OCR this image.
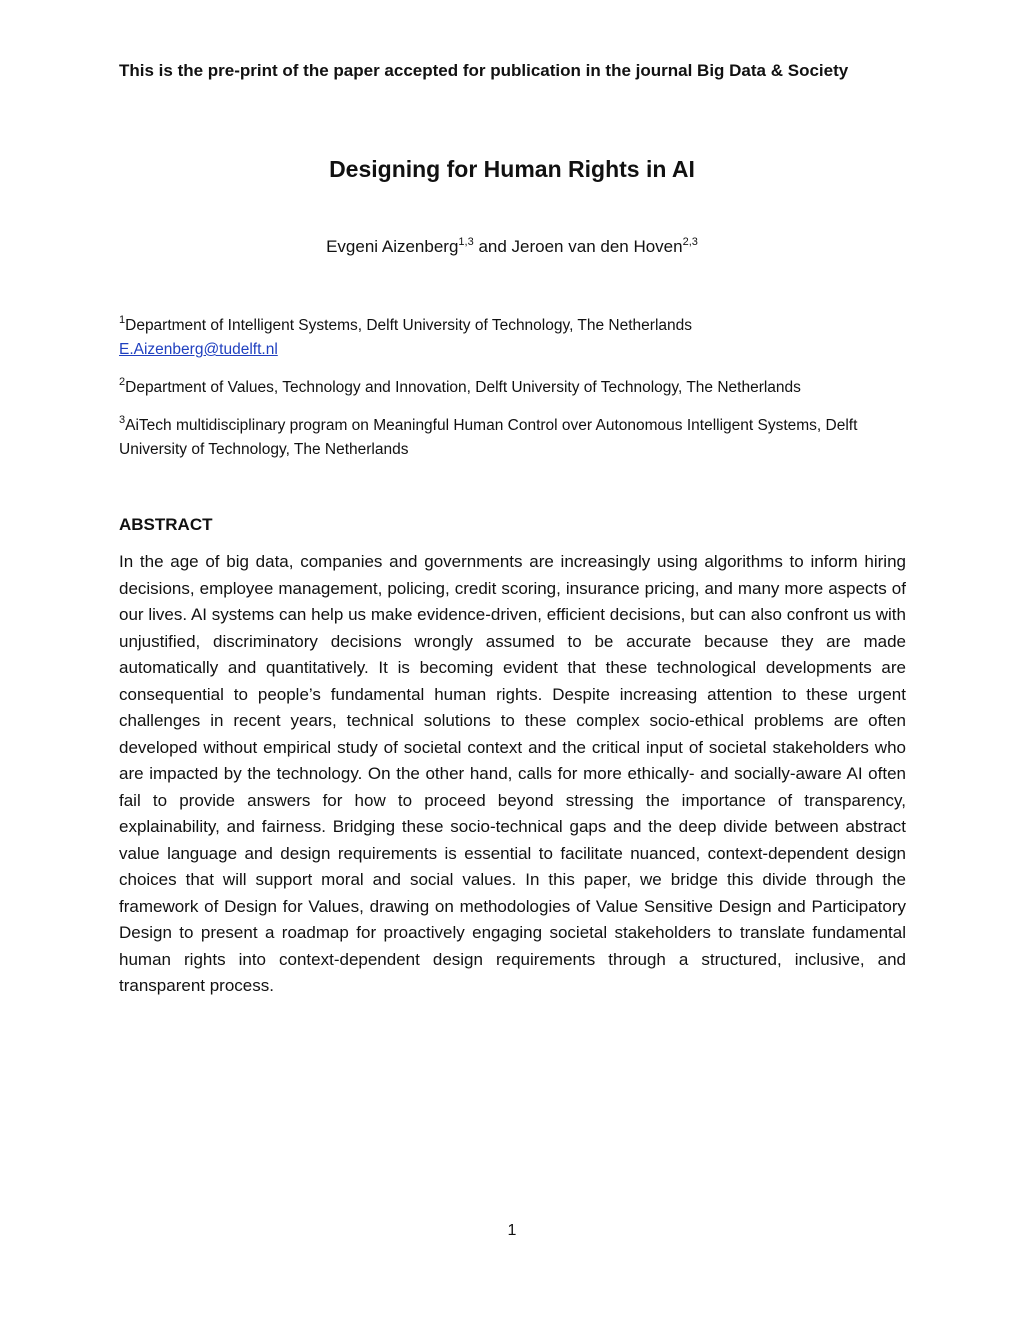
This is the pre-print of the paper accepted for publication in the journal Big Data & Society
Designing for Human Rights in AI
Evgeni Aizenberg$^{1,3}$ and Jeroen van den Hoven$^{2,3}$
$^1$Department of Intelligent Systems, Delft University of Technology, The Netherlands
E.Aizenberg@tudelft.nl
$^2$Department of Values, Technology and Innovation, Delft University of Technology, The Netherlands
$^3$AiTech multidisciplinary program on Meaningful Human Control over Autonomous Intelligent Systems, Delft University of Technology, The Netherlands
ABSTRACT

In the age of big data, companies and governments are increasingly using algorithms to inform hiring decisions, employee management, policing, credit scoring, insurance pricing, and many more aspects of our lives. AI systems can help us make evidence-driven, efficient decisions, but can also confront us with unjustified, discriminatory decisions wrongly assumed to be accurate because they are made automatically and quantitatively. It is becoming evident that these technological developments are consequential to people’s fundamental human rights. Despite increasing attention to these urgent challenges in recent years, technical solutions to these complex socio-ethical problems are often developed without empirical study of societal context and the critical input of societal stakeholders who are impacted by the technology. On the other hand, calls for more ethically- and socially-aware AI often fail to provide answers for how to proceed beyond stressing the importance of transparency, explainability, and fairness. Bridging these socio-technical gaps and the deep divide between abstract value language and design requirements is essential to facilitate nuanced, context-dependent design choices that will support moral and social values. In this paper, we bridge this divide through the framework of Design for Values, drawing on methodologies of Value Sensitive Design and Participatory Design to present a roadmap for proactively engaging societal stakeholders to translate fundamental human rights into context-dependent design requirements through a structured, inclusive, and transparent process.

1
